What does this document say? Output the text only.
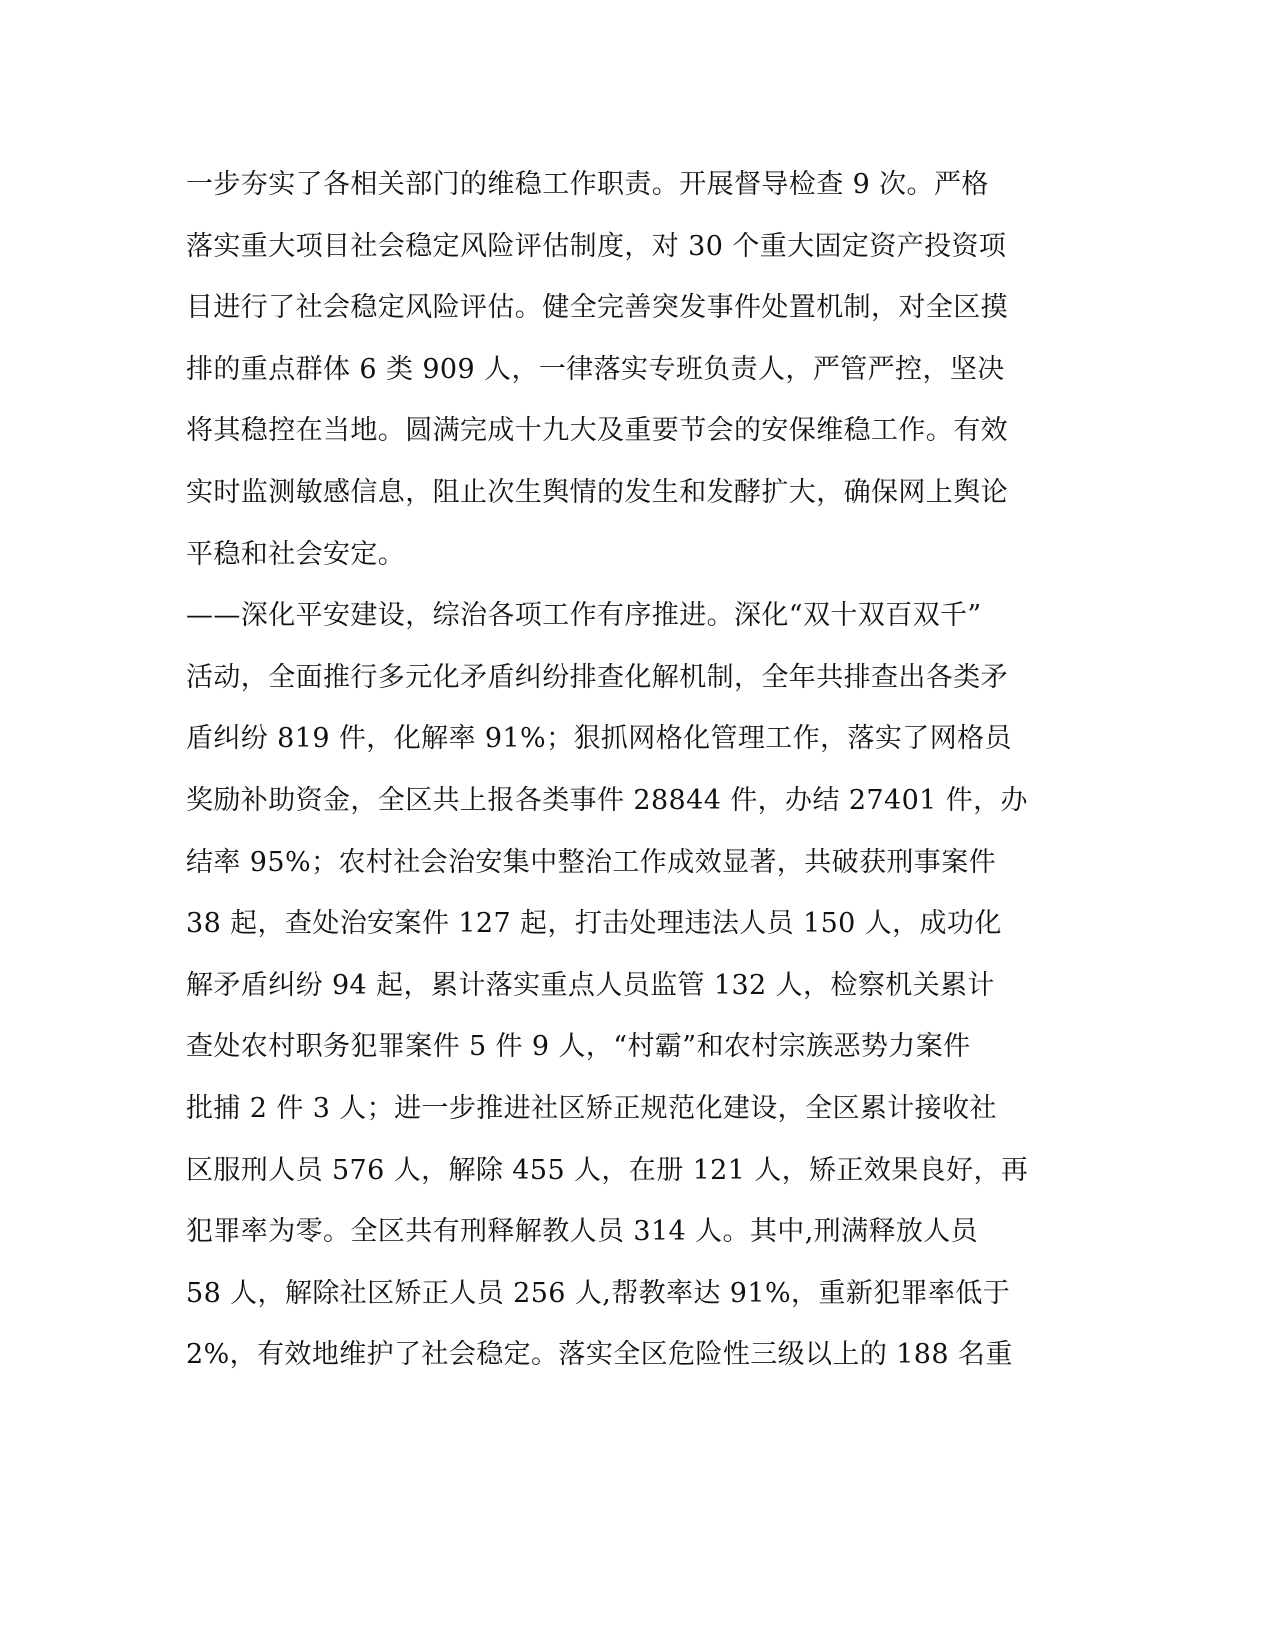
一步夯实了各相关部门的维稳工作职责。开展督导检查 9 次。严格
落实重大项目社会稳定风险评估制度，对 30 个重大固定资产投资项
目进行了社会稳定风险评估。健全完善突发事件处置机制，对全区摸
排的重点群体 6 类 909 人，一律落实专班负责人，严管严控，坚决
将其稳控在当地。圆满完成十九大及重要节会的安保维稳工作。有效
实时监测敏感信息，阻止次生舆情的发生和发酵扩大，确保网上舆论
平稳和社会安定。
——深化平安建设，综治各项工作有序推进。深化“双十双百双千”
活动，全面推行多元化矛盾纠纷排查化解机制，全年共排查出各类矛
盾纠纷 819 件，化解率 91%；狠抓网格化管理工作，落实了网格员
奖励补助资金，全区共上报各类事件 28844 件，办结 27401 件，办
结率 95%；农村社会治安集中整治工作成效显著，共破获刑事案件
38 起，查处治安案件 127 起，打击处理违法人员 150 人，成功化
解矛盾纠纷 94 起，累计落实重点人员监管 132 人，检察机关累计
查处农村职务犯罪案件 5 件 9 人，“村霸”和农村宗族恶势力案件
批捕 2 件 3 人；进一步推进社区矫正规范化建设，全区累计接收社
区服刑人员 576 人，解除 455 人，在册 121 人，矫正效果良好，再
犯罪率为零。全区共有刑释解教人员 314 人。其中,刑满释放人员
58 人，解除社区矫正人员 256 人,帮教率达 91%，重新犯罪率低于
2%，有效地维护了社会稳定。落实全区危险性三级以上的 188 名重
